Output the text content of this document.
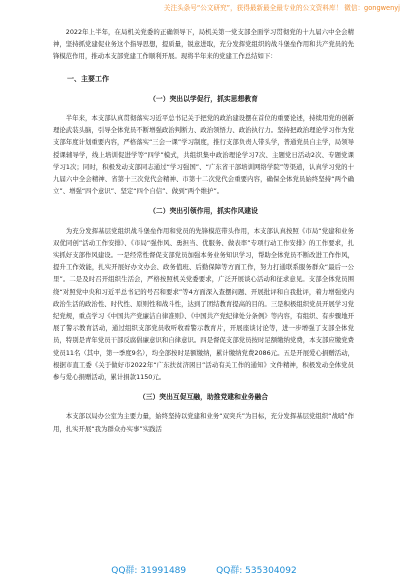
关注头条号“公文研究”，获得最新最全最专业的公文资料库！ 微信：gongwenyj

2022年上半年，在局机关党委的正确领导下，局机关第一党支部全面学习贯彻党的十九届六中全会精神，坚持抓党建促业务这个指导思想，提质量，锐意进取，充分发挥党组织的战斗堡垒作用和共产党员的先锋模范作用，推动本支部党建工作顺利开展。现将半年来的党建工作总结如下：

一、主要工作
（一）突出以学促行，抓实思想教育

半年来，本支部认真贯彻落实习近平总书记关于把党的政治建设摆在首位的重要论述，持续用党的创新理论武装头脑，引导全体党员不断增强政治判断力、政治领悟力、政治执行力。坚持把政治理论学习作为党支部年度计划重要内容，严格落实“三会一课”学习制度，推行支部负责人带头学，普通党员自主学，局领导授课辅导学，线上培训促进学等“四学”模式，共组织集中政治理论学习7次、主题党日活动2次、专题党课学习1次；同时，积极发动支部同志通过“学习强国”、“广东省干部培训网络学院”等渠道，认真学习党的十九届六中全会精神、省第十三次党代会精神、市第十二次党代会重要内容，确保全体党员始终坚持“两个确立”、增强“四个意识”、坚定“四个自信”、做到“两个维护”。

（二）突出引领作用，抓实作风建设

为充分发挥基层党组织战斗堡垒作用和党员的先锋模范带头作用，本支部认真按照《市局“党建和业务双优同创”活动工作安排》、《市局“强作风、勇担当、优服务、做表率”专项行动工作安排》的工作要求，扎实抓好支部作风建设。一是经常性督促支部党员加强本务业务知识学习，帮助全体党员不断改进工作作风，提升工作效能，扎实开展好办文办会、政务值班、后勤保障等方面工作，努力打通联系服务群众“最后一公里”。二是及时召开组织生活会，严格按照机关党委要求，广泛开展谈心活动和征求意见。支部全体党员围绕“对照党中央和习近平总书记的号召和要求”等4方面深入查摆问题、开展批评和自我批评，着力增强党内政治生活的政治性、时代性、原则性和战斗性，达到了团结教育提高的目的。三是积极组织党员开展学习党纪党规，重点学习《中国共产党廉洁自律准则》、《中国共产党纪律处分条例》等内容，有组织、有步骤地开展了警示教育活动，通过组织支部党员收听收看警示教育片，开展座谈讨论等，进一步增强了支部全体党员，特别是青年党员干部反腐倡廉意识和自律意识。四是督促支部党员按时足额缴纳党费，本支部应缴党费党员11名（其中，第一季度9名），均全部按时足额缴纳，累计缴纳党费2086元。五是开展爱心捐赠活动，根据市直工委《关于做好市2022年“广东扶贫济困日”活动有关工作的通知》文件精神，积极发动全体党员参与爱心捐赠活动，累计捐款1150元。

（三）突出互促互融，助推党建和业务融合

本支部以局办公室为主要力量，始终坚持以党建和业务“双突兵”为目标，充分发挥基层党组织“战哨”作用，扎实开展“我为群众办实事”实践活

QQ群: 31991489	QQ群: 535304092
